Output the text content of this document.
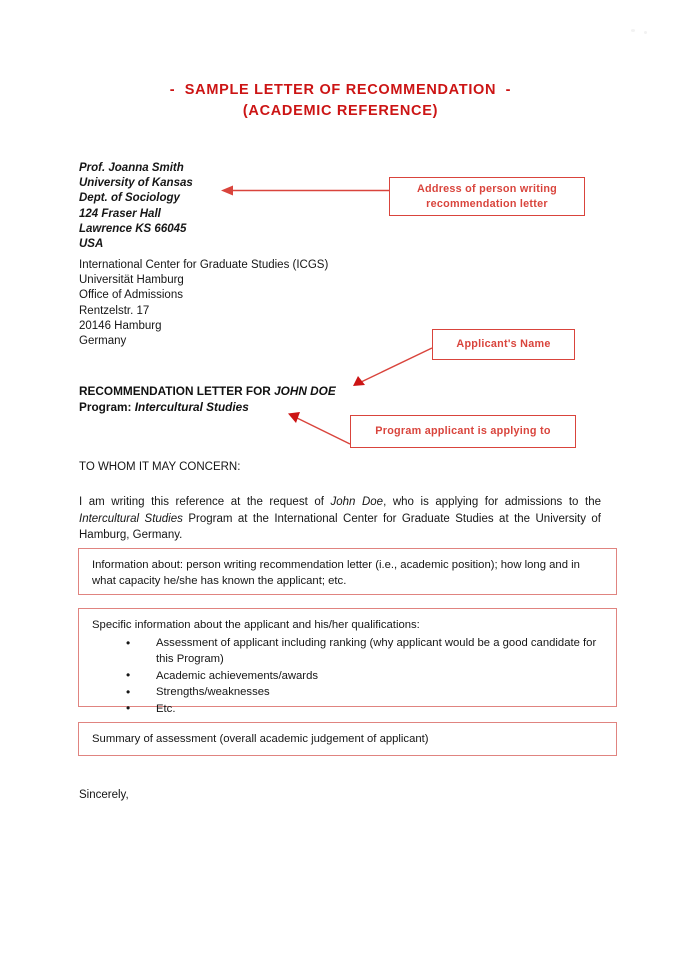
-  SAMPLE LETTER OF RECOMMENDATION  -
(ACADEMIC REFERENCE)
Prof. Joanna Smith
University of Kansas
Dept. of Sociology
124 Fraser Hall
Lawrence KS 66045
USA
International Center for Graduate Studies (ICGS)
Universität Hamburg
Office of Admissions
Rentzelstr. 17
20146 Hamburg
Germany
RECOMMENDATION LETTER FOR JOHN DOE
Program: Intercultural Studies
TO WHOM IT MAY CONCERN:
I am writing this reference at the request of John Doe, who is applying for admissions to the Intercultural Studies Program at the International Center for Graduate Studies at the University of Hamburg, Germany.
Information about: person writing recommendation letter (i.e., academic position); how long and in what capacity he/she has known the applicant; etc.
Specific information about the applicant and his/her qualifications:
• Assessment of applicant including ranking (why applicant would be a good candidate for this Program)
• Academic achievements/awards
• Strengths/weaknesses
• Etc.
Summary of assessment (overall academic judgement of applicant)
Sincerely,
Address of person writing recommendation letter
Applicant's Name
Program applicant is applying to
